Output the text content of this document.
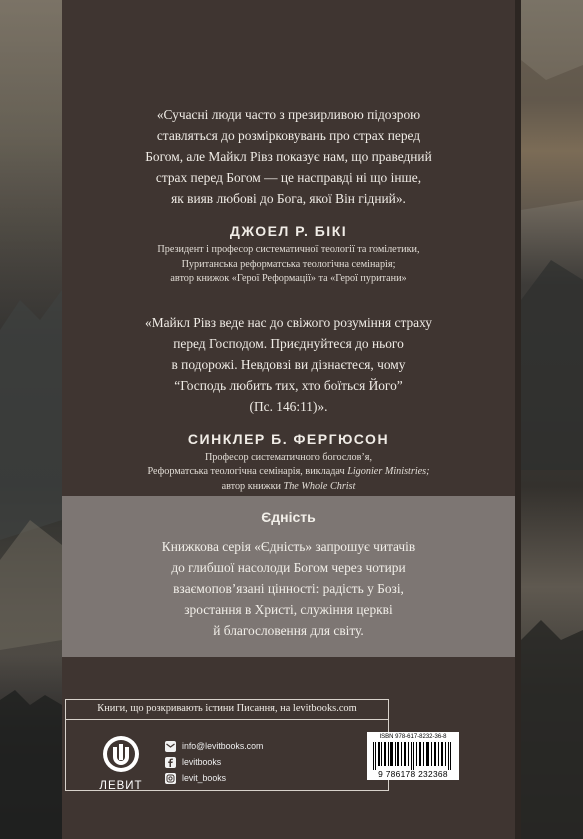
«Сучасні люди часто з презирливою підозрою
ставляться до розмірковувань про страх перед
Богом, але Майкл Рівз показує нам, що праведний
страх перед Богом — це насправді ні що інше,
як вияв любові до Бога, якої Він гідний».
ДЖОЕЛ Р. БІКІ
Президент і професор систематичної теології та гомілетики,
Пуританська реформатська теологічна семінарія;
автор книжок «Герої Реформації» та «Герої пуритани»
«Майкл Рівз веде нас до свіжого розуміння страху
перед Господом. Приєднуйтеся до нього
в подорожі. Невдовзі ви дізнаєтеся, чому
“Господь любить тих, хто боїться Його”
(Пс. 146:11)».
СИНКЛЕР Б. ФЕРГЮСОН
Професор систематичного богослов’я,
Реформатська теологічна семінарія, викладач Ligonier Ministries;
автор книжки The Whole Christ
Єдність
Книжкова серія «Єдність» запрошує читачів
до глибшої насолоди Богом через чотири
взаємопов’язані цінності: радість у Бозі,
зростання в Христі, служіння церкві
й благословення для світу.
Книги, що розкривають істини Писання, на levitbooks.com
ЛЕВИТ
info@levitbooks.com
levitbooks
levit_books
ISBN 978-617-8232-36-8
9 786178 232368
